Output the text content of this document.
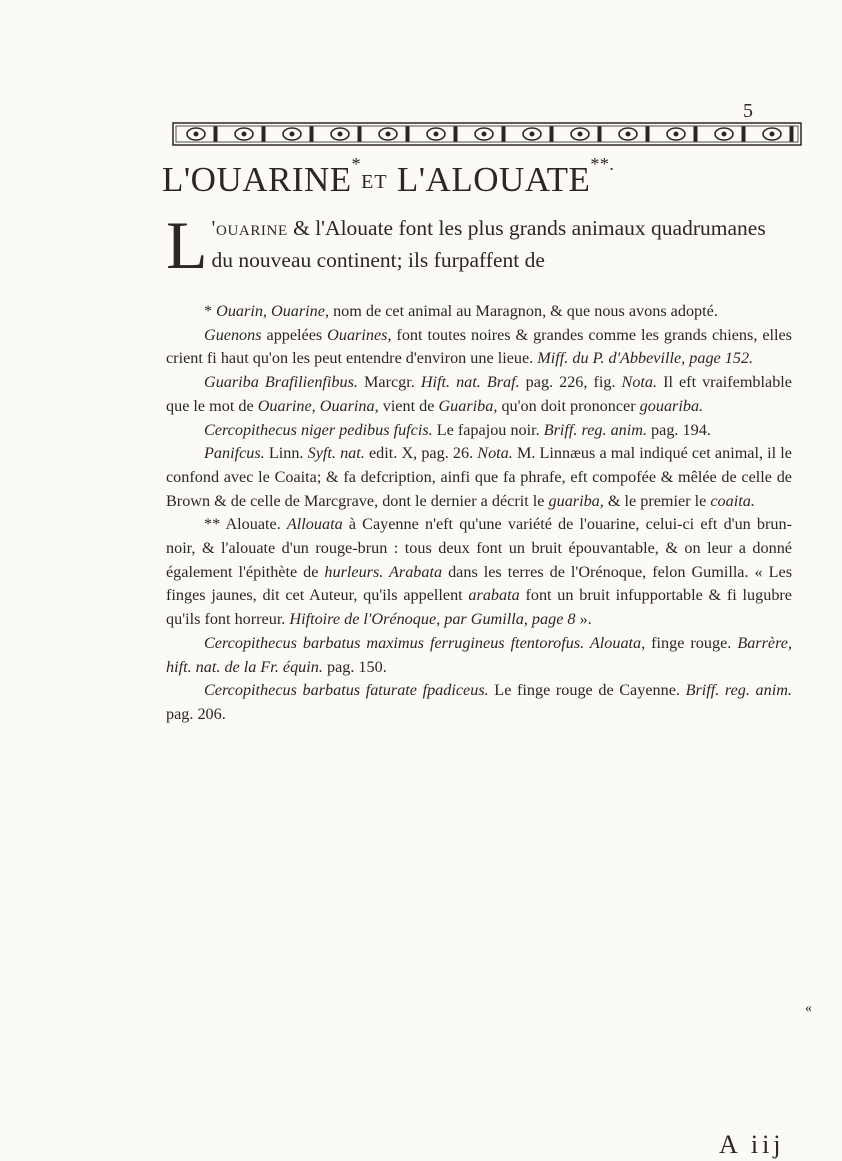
5
L'OUARINE*ET L'ALOUATE**.

L 'ouarine & l'Alouate font les plus grands animaux quadrumanes du nouveau continent; ils furpaffent de

* Ouarin, Ouarine, nom de cet animal au Maragnon, & que nous avons adopté.

Guenons appelées Ouarines, font toutes noires & grandes comme les grands chiens, elles crient fi haut qu'on les peut entendre d'environ une lieue. Miff. du P. d'Abbeville, page 152.

Guariba Brafilienfibus. Marcgr. Hift. nat. Braf. pag. 226, fig. Nota. Il eft vraifemblable que le mot de Ouarine, Ouarina, vient de Guariba, qu'on doit prononcer gouariba.

Cercopithecus niger pedibus fufcis. Le fapajou noir. Briff. reg. anim. pag. 194.

Panifcus. Linn. Syft. nat. edit. X, pag. 26. Nota. M. Linnæus a mal indiqué cet animal, il le confond avec le Coaita; & fa defcription, ainfi que fa phrafe, eft compofée & mêlée de celle de Brown & de celle de Marcgrave, dont le dernier a décrit le guariba, & le premier le coaita.

** Alouate. Allouata à Cayenne n'eft qu'une variété de l'ouarine, celui-ci eft d'un brun-noir, & l'alouate d'un rouge-brun : tous deux font un bruit épouvantable, & on leur a donné également l'épithète de hurleurs. Arabata dans les terres de l'Orénoque, felon Gumilla. « Les finges jaunes, dit cet Auteur, qu'ils appellent arabata font un bruit infupportable & fi lugubre qu'ils font horreur. Hiftoire de l'Orénoque, par Gumilla, page 8 ».

Cercopithecus barbatus maximus ferrugineus ftentorofus. Alouata, finge rouge. Barrère, hift. nat. de la Fr. équin. pag. 150.

Cercopithecus barbatus faturate fpadiceus. Le finge rouge de Cayenne. Briff. reg. anim. pag. 206.

«
A iij
